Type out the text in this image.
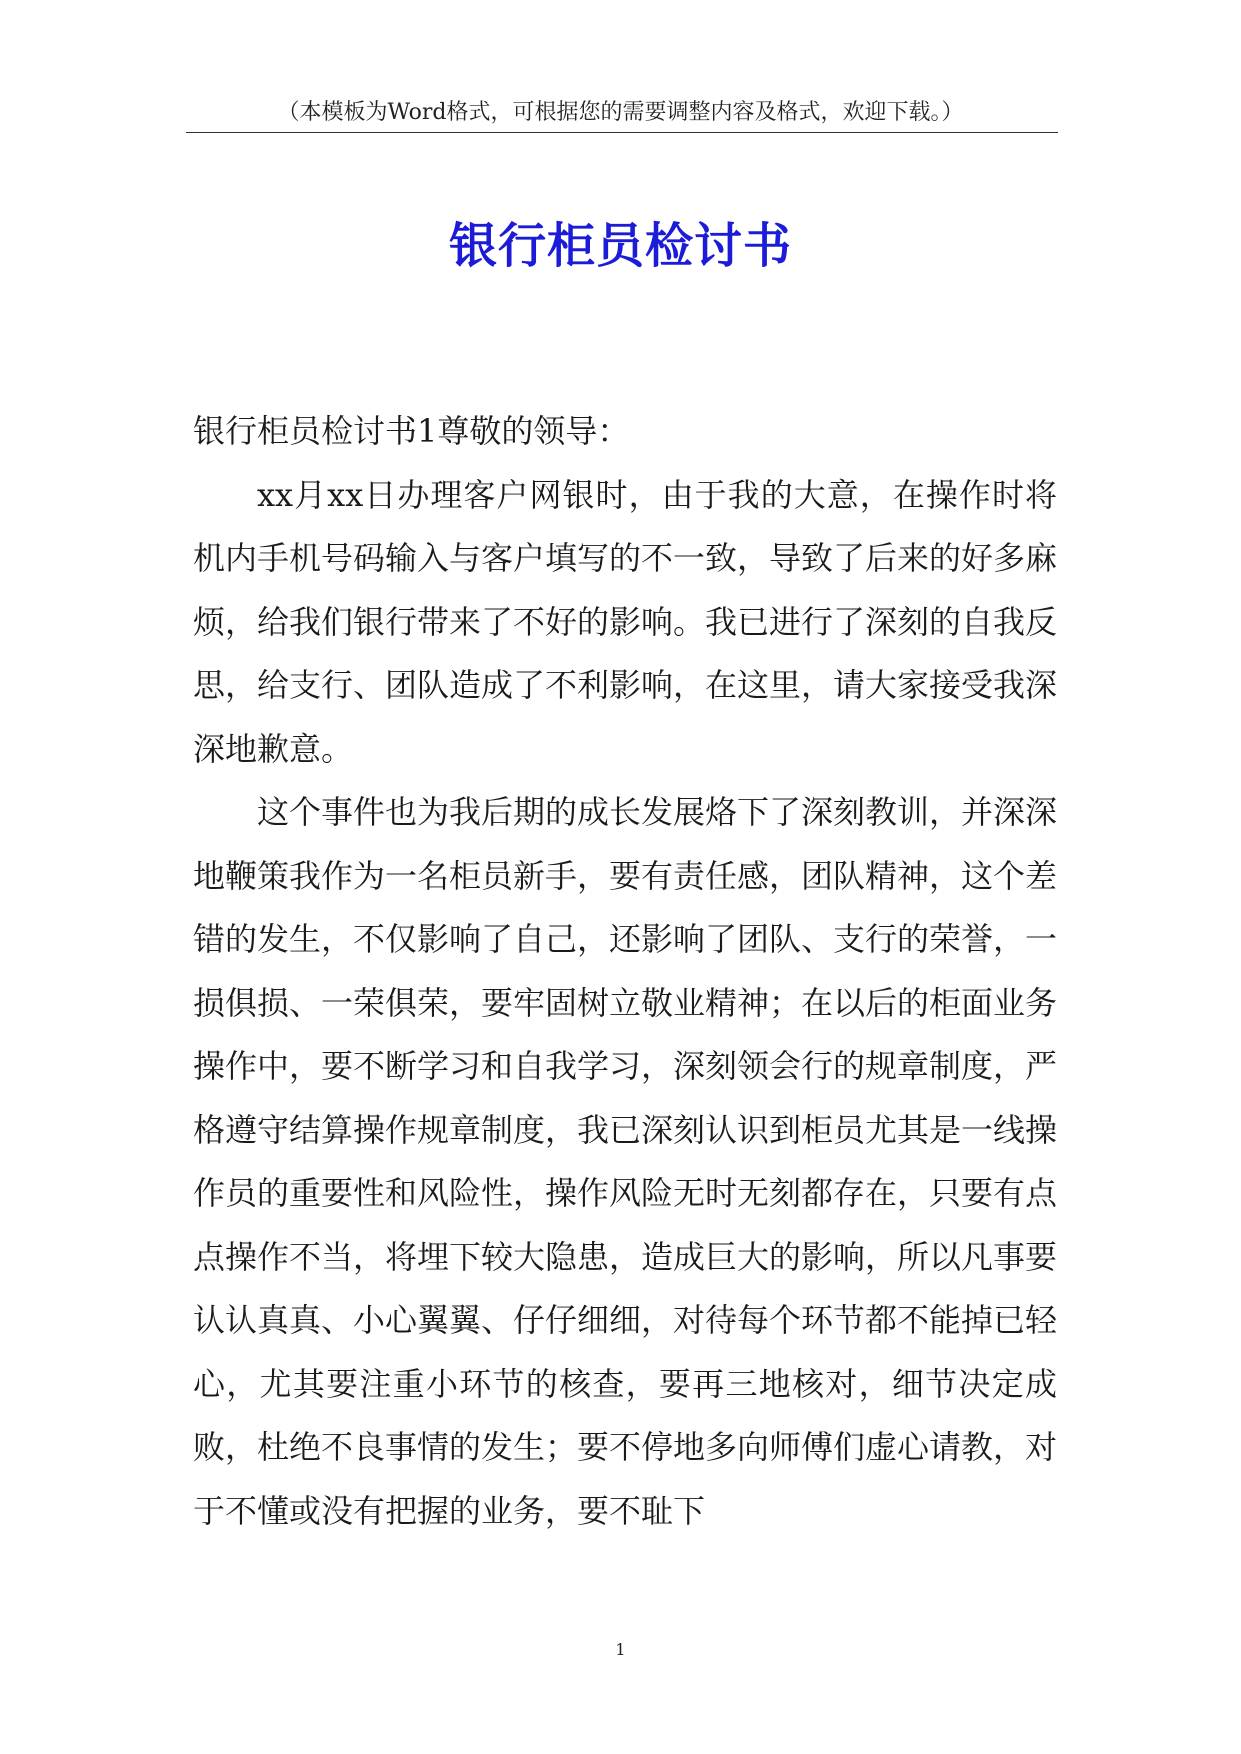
（本模板为Word格式，可根据您的需要调整内容及格式，欢迎下载。）
银行柜员检讨书

银行柜员检讨书1尊敬的领导：

xx月xx日办理客户网银时，由于我的大意，在操作时将机内手机号码输入与客户填写的不一致，导致了后来的好多麻烦，给我们银行带来了不好的影响。我已进行了深刻的自我反思，给支行、团队造成了不利影响，在这里，请大家接受我深深地歉意。

这个事件也为我后期的成长发展烙下了深刻教训，并深深地鞭策我作为一名柜员新手，要有责任感，团队精神，这个差错的发生，不仅影响了自己，还影响了团队、支行的荣誉，一损俱损、一荣俱荣，要牢固树立敬业精神；在以后的柜面业务操作中，要不断学习和自我学习，深刻领会行的规章制度，严格遵守结算操作规章制度，我已深刻认识到柜员尤其是一线操作员的重要性和风险性，操作风险无时无刻都存在，只要有点点操作不当，将埋下较大隐患，造成巨大的影响，所以凡事要认认真真、小心翼翼、仔仔细细，对待每个环节都不能掉已轻心，尤其要注重小环节的核查，要再三地核对，细节决定成败，杜绝不良事情的发生；要不停地多向师傅们虚心请教，对于不懂或没有把握的业务，要不耻下

1
